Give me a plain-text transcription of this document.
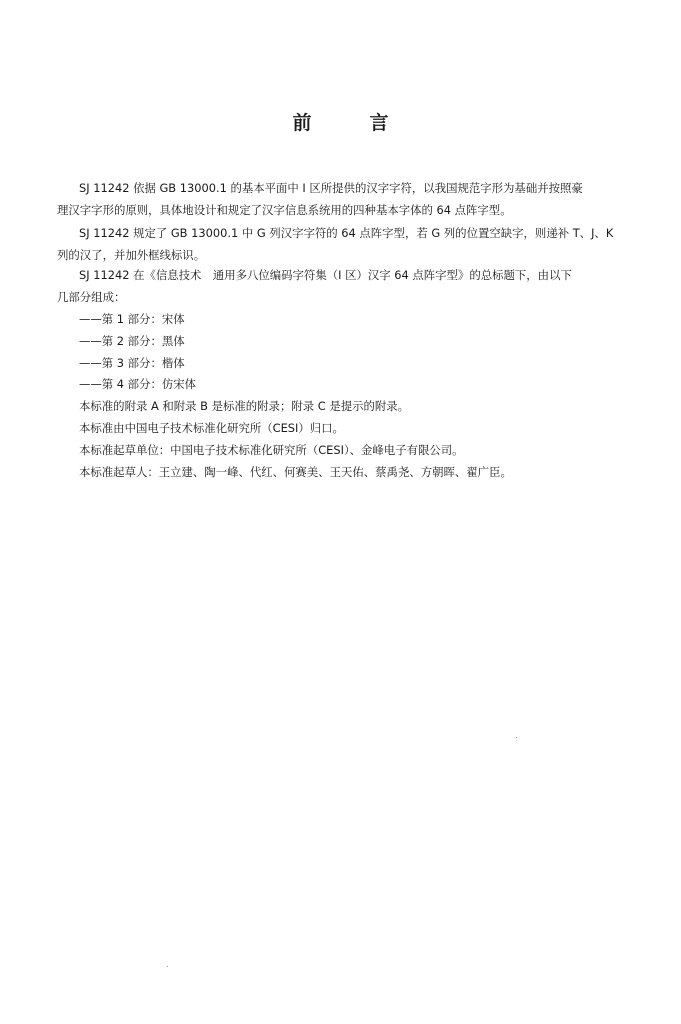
前	言
SJ 11242 依据 GB 13000.1 的基本平面中 I 区所提供的汉字字符，以我国规范字形为基础并按照豪
理汉字字形的原则，具体地设计和规定了汉字信息系统用的四种基本字体的 64 点阵字型。
SJ 11242 规定了 GB 13000.1 中 G 列汉字字符的 64 点阵字型，若 G 列的位置空缺字，则递补 T、J、K
列的汉了，并加外框线标识。
SJ 11242 在《信息技术　通用多八位编码字符集（I 区）汉字 64 点阵字型》的总标题下，由以下
几部分组成：
——第 1 部分：宋体
——第 2 部分：黑体
——第 3 部分：楷体
——第 4 部分：仿宋体
本标准的附录 A 和附录 B 是标准的附录；附录 C 是提示的附录。
本标准由中国电子技术标准化研究所（CESI）归口。
本标准起草单位：中国电子技术标准化研究所（CESI）、金峰电子有限公司。
本标准起草人：王立建、陶一峰、代红、何赛美、王天佑、蔡禹尧、方朝晖、翟广臣。
